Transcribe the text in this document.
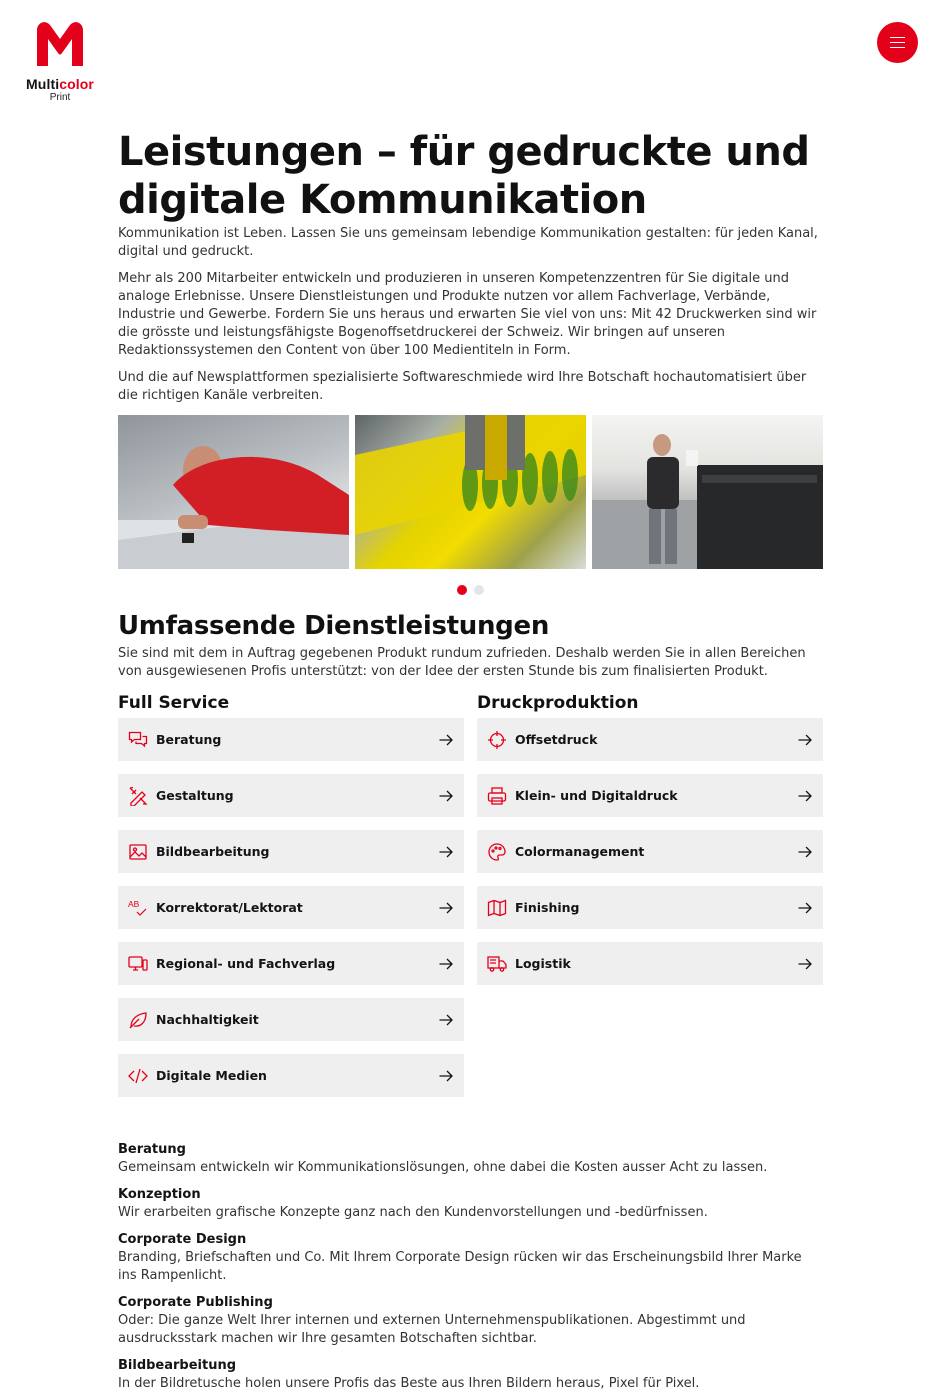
Multicolor
Print
Leistungen – für gedruckte und digitale Kommunikation

Kommunikation ist Leben. Lassen Sie uns gemeinsam lebendige Kommunikation gestalten: für jeden Kanal, digital und gedruckt.

Mehr als 200 Mitarbeiter entwickeln und produzieren in unseren Kompetenzzentren für Sie digitale und analoge Erlebnisse. Unsere Dienstleistungen und Produkte nutzen vor allem Fachverlage, Verbände, Industrie und Gewerbe. Fordern Sie uns heraus und erwarten Sie viel von uns: Mit 42 Druckwerken sind wir die grösste und leistungsfähigste Bogenoffsetdruckerei der Schweiz. Wir bringen auf unseren Redaktionssystemen den Content von über 100 Medientiteln in Form.

Und die auf Newsplattformen spezialisierte Softwareschmiede wird Ihre Botschaft hochautomatisiert über die richtigen Kanäle verbreiten.

Umfassende Dienstleistungen

Sie sind mit dem in Auftrag gegebenen Produkt rundum zufrieden. Deshalb werden Sie in allen Bereichen von ausgewiesenen Profis unterstützt: von der Idee der ersten Stunde bis zum finalisierten Produkt.

Full Service
Beratung
Gestaltung
Bildbearbeitung
AB Korrektorat/Lektorat
Regional- und Fachverlag
Nachhaltigkeit
Digitale Medien
Druckproduktion
Offsetdruck
Klein- und Digitaldruck
Colormanagement
Finishing
Logistik
Beratung
Gemeinsam entwickeln wir Kommunikationslösungen, ohne dabei die Kosten ausser Acht zu lassen.
Konzeption
Wir erarbeiten grafische Konzepte ganz nach den Kundenvorstellungen und -bedürfnissen.
Corporate Design
Branding, Briefschaften und Co. Mit Ihrem Corporate Design rücken wir das Erscheinungsbild Ihrer Marke ins Rampenlicht.
Corporate Publishing
Oder: Die ganze Welt Ihrer internen und externen Unternehmenspublikationen. Abgestimmt und ausdrucksstark machen wir Ihre gesamten Botschaften sichtbar.
Bildbearbeitung
In der Bildretusche holen unsere Profis das Beste aus Ihren Bildern heraus, Pixel für Pixel.
